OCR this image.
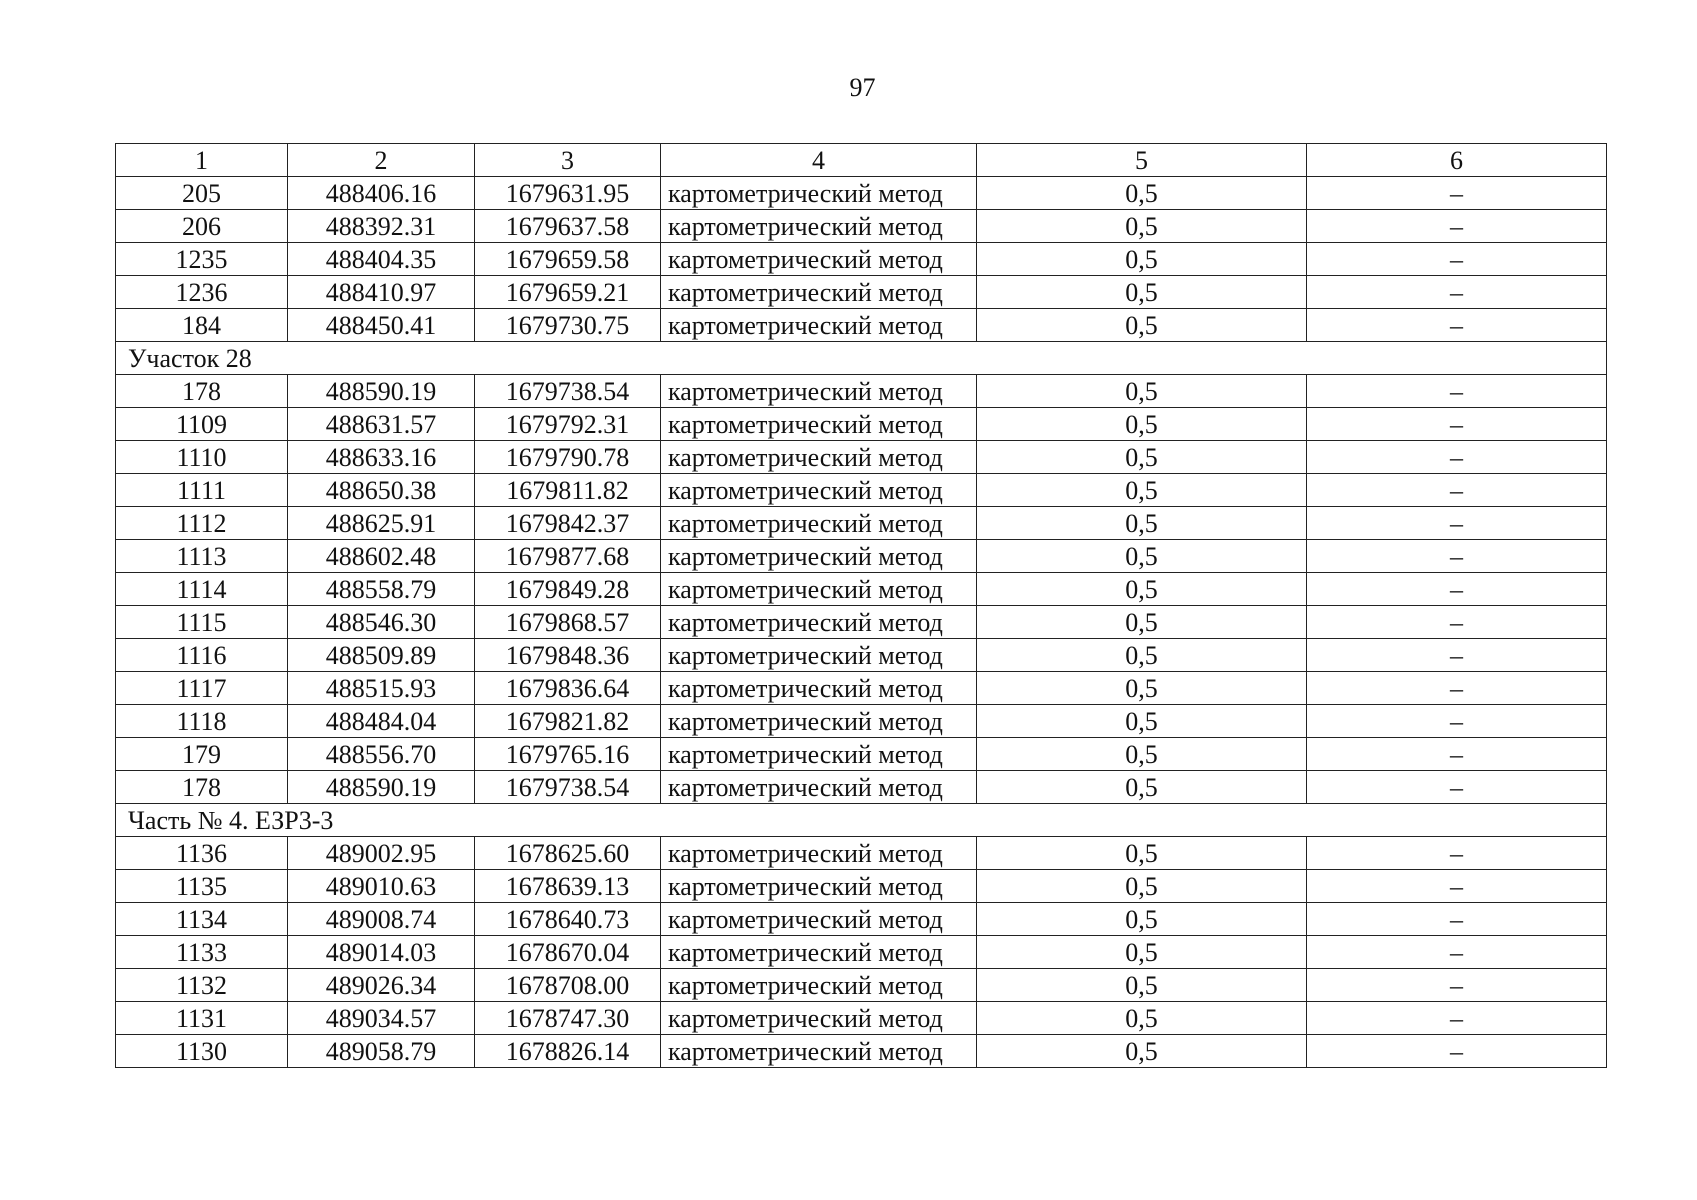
97
1	2	3	4	5	6
205	488406.16	1679631.95	картометрический метод	0,5	–
206	488392.31	1679637.58	картометрический метод	0,5	–
1235	488404.35	1679659.58	картометрический метод	0,5	–
1236	488410.97	1679659.21	картометрический метод	0,5	–
184	488450.41	1679730.75	картометрический метод	0,5	–
Участок 28					
178	488590.19	1679738.54	картометрический метод	0,5	–
1109	488631.57	1679792.31	картометрический метод	0,5	–
1110	488633.16	1679790.78	картометрический метод	0,5	–
1111	488650.38	1679811.82	картометрический метод	0,5	–
1112	488625.91	1679842.37	картометрический метод	0,5	–
1113	488602.48	1679877.68	картометрический метод	0,5	–
1114	488558.79	1679849.28	картометрический метод	0,5	–
1115	488546.30	1679868.57	картометрический метод	0,5	–
1116	488509.89	1679848.36	картометрический метод	0,5	–
1117	488515.93	1679836.64	картометрический метод	0,5	–
1118	488484.04	1679821.82	картометрический метод	0,5	–
179	488556.70	1679765.16	картометрический метод	0,5	–
178	488590.19	1679738.54	картометрический метод	0,5	–
Часть № 4. ЕЗР3-3					
1136	489002.95	1678625.60	картометрический метод	0,5	–
1135	489010.63	1678639.13	картометрический метод	0,5	–
1134	489008.74	1678640.73	картометрический метод	0,5	–
1133	489014.03	1678670.04	картометрический метод	0,5	–
1132	489026.34	1678708.00	картометрический метод	0,5	–
1131	489034.57	1678747.30	картометрический метод	0,5	–
1130	489058.79	1678826.14	картометрический метод	0,5	–
